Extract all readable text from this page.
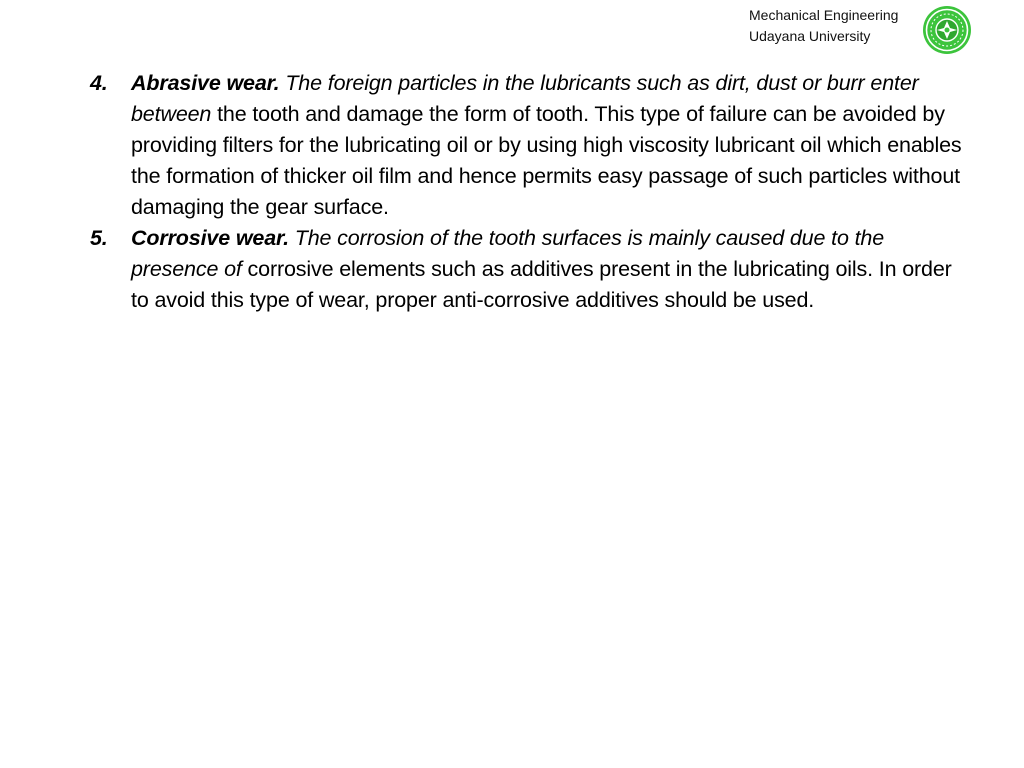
Mechanical Engineering
Udayana University
4.	Abrasive wear. The foreign particles in the lubricants such as dirt, dust or burr enter between the tooth and damage the form of tooth. This type of failure can be avoided by providing filters for the lubricating oil or by using high viscosity lubricant oil which enables the formation of thicker oil film and hence permits easy passage of such particles without damaging the gear surface.
5.	Corrosive wear. The corrosion of the tooth surfaces is mainly caused due to the presence of corrosive elements such as additives present in the lubricating oils. In order to avoid this type of wear, proper anti-corrosive additives should be used.
